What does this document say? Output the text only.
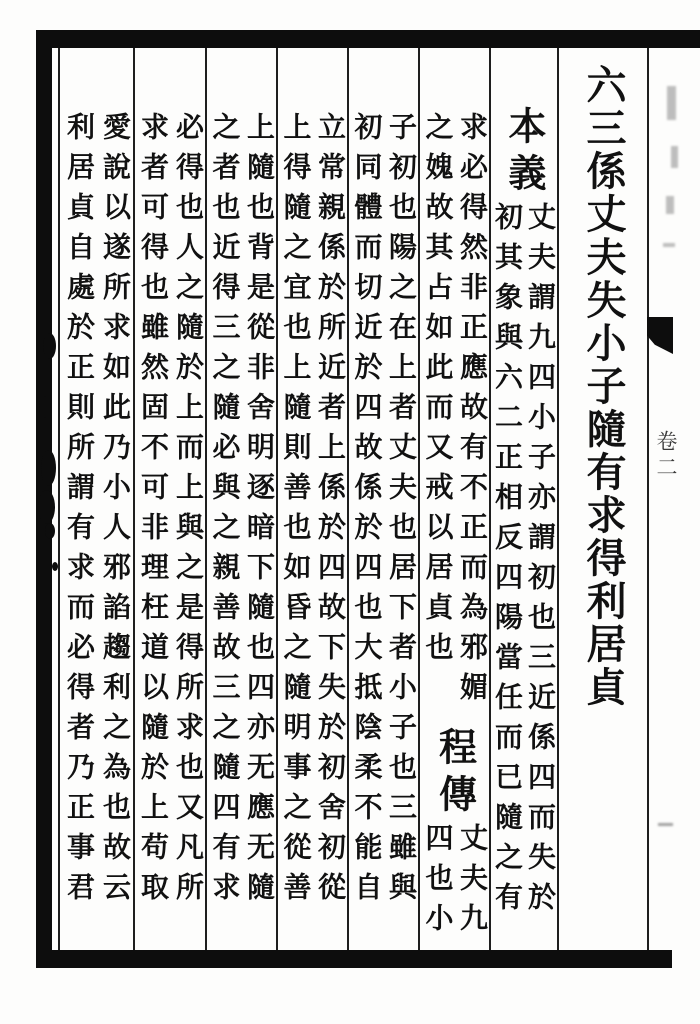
六三係丈夫失小子隨有求得利居貞
本義
丈夫謂九四小子亦謂初也三近係四而失於
初其象與六二正相反四陽當任而已隨之有
求必得然非正應故有不正而為邪媚
之媿故其占如此而又戒以居貞也
程傳
丈夫九
四也小
子初也陽之在上者丈夫也居下者小子也三雖與
初同體而切近於四故係於四也大抵陰柔不能自
立常親係於所近者上係於四故下失於初舍初從
上得隨之宜也上隨則善也如昏之隨明事之從善
上隨也背是從非舍明逐暗下隨也四亦无應无隨
之者也近得三之隨必與之親善故三之隨四有求
必得也人之隨於上而上與之是得所求也又凡所
求者可得也雖然固不可非理枉道以隨於上苟取
愛說以遂所求如此乃小人邪諂趨利之為也故云
利居貞自處於正則所謂有求而必得者乃正事君	卷二
